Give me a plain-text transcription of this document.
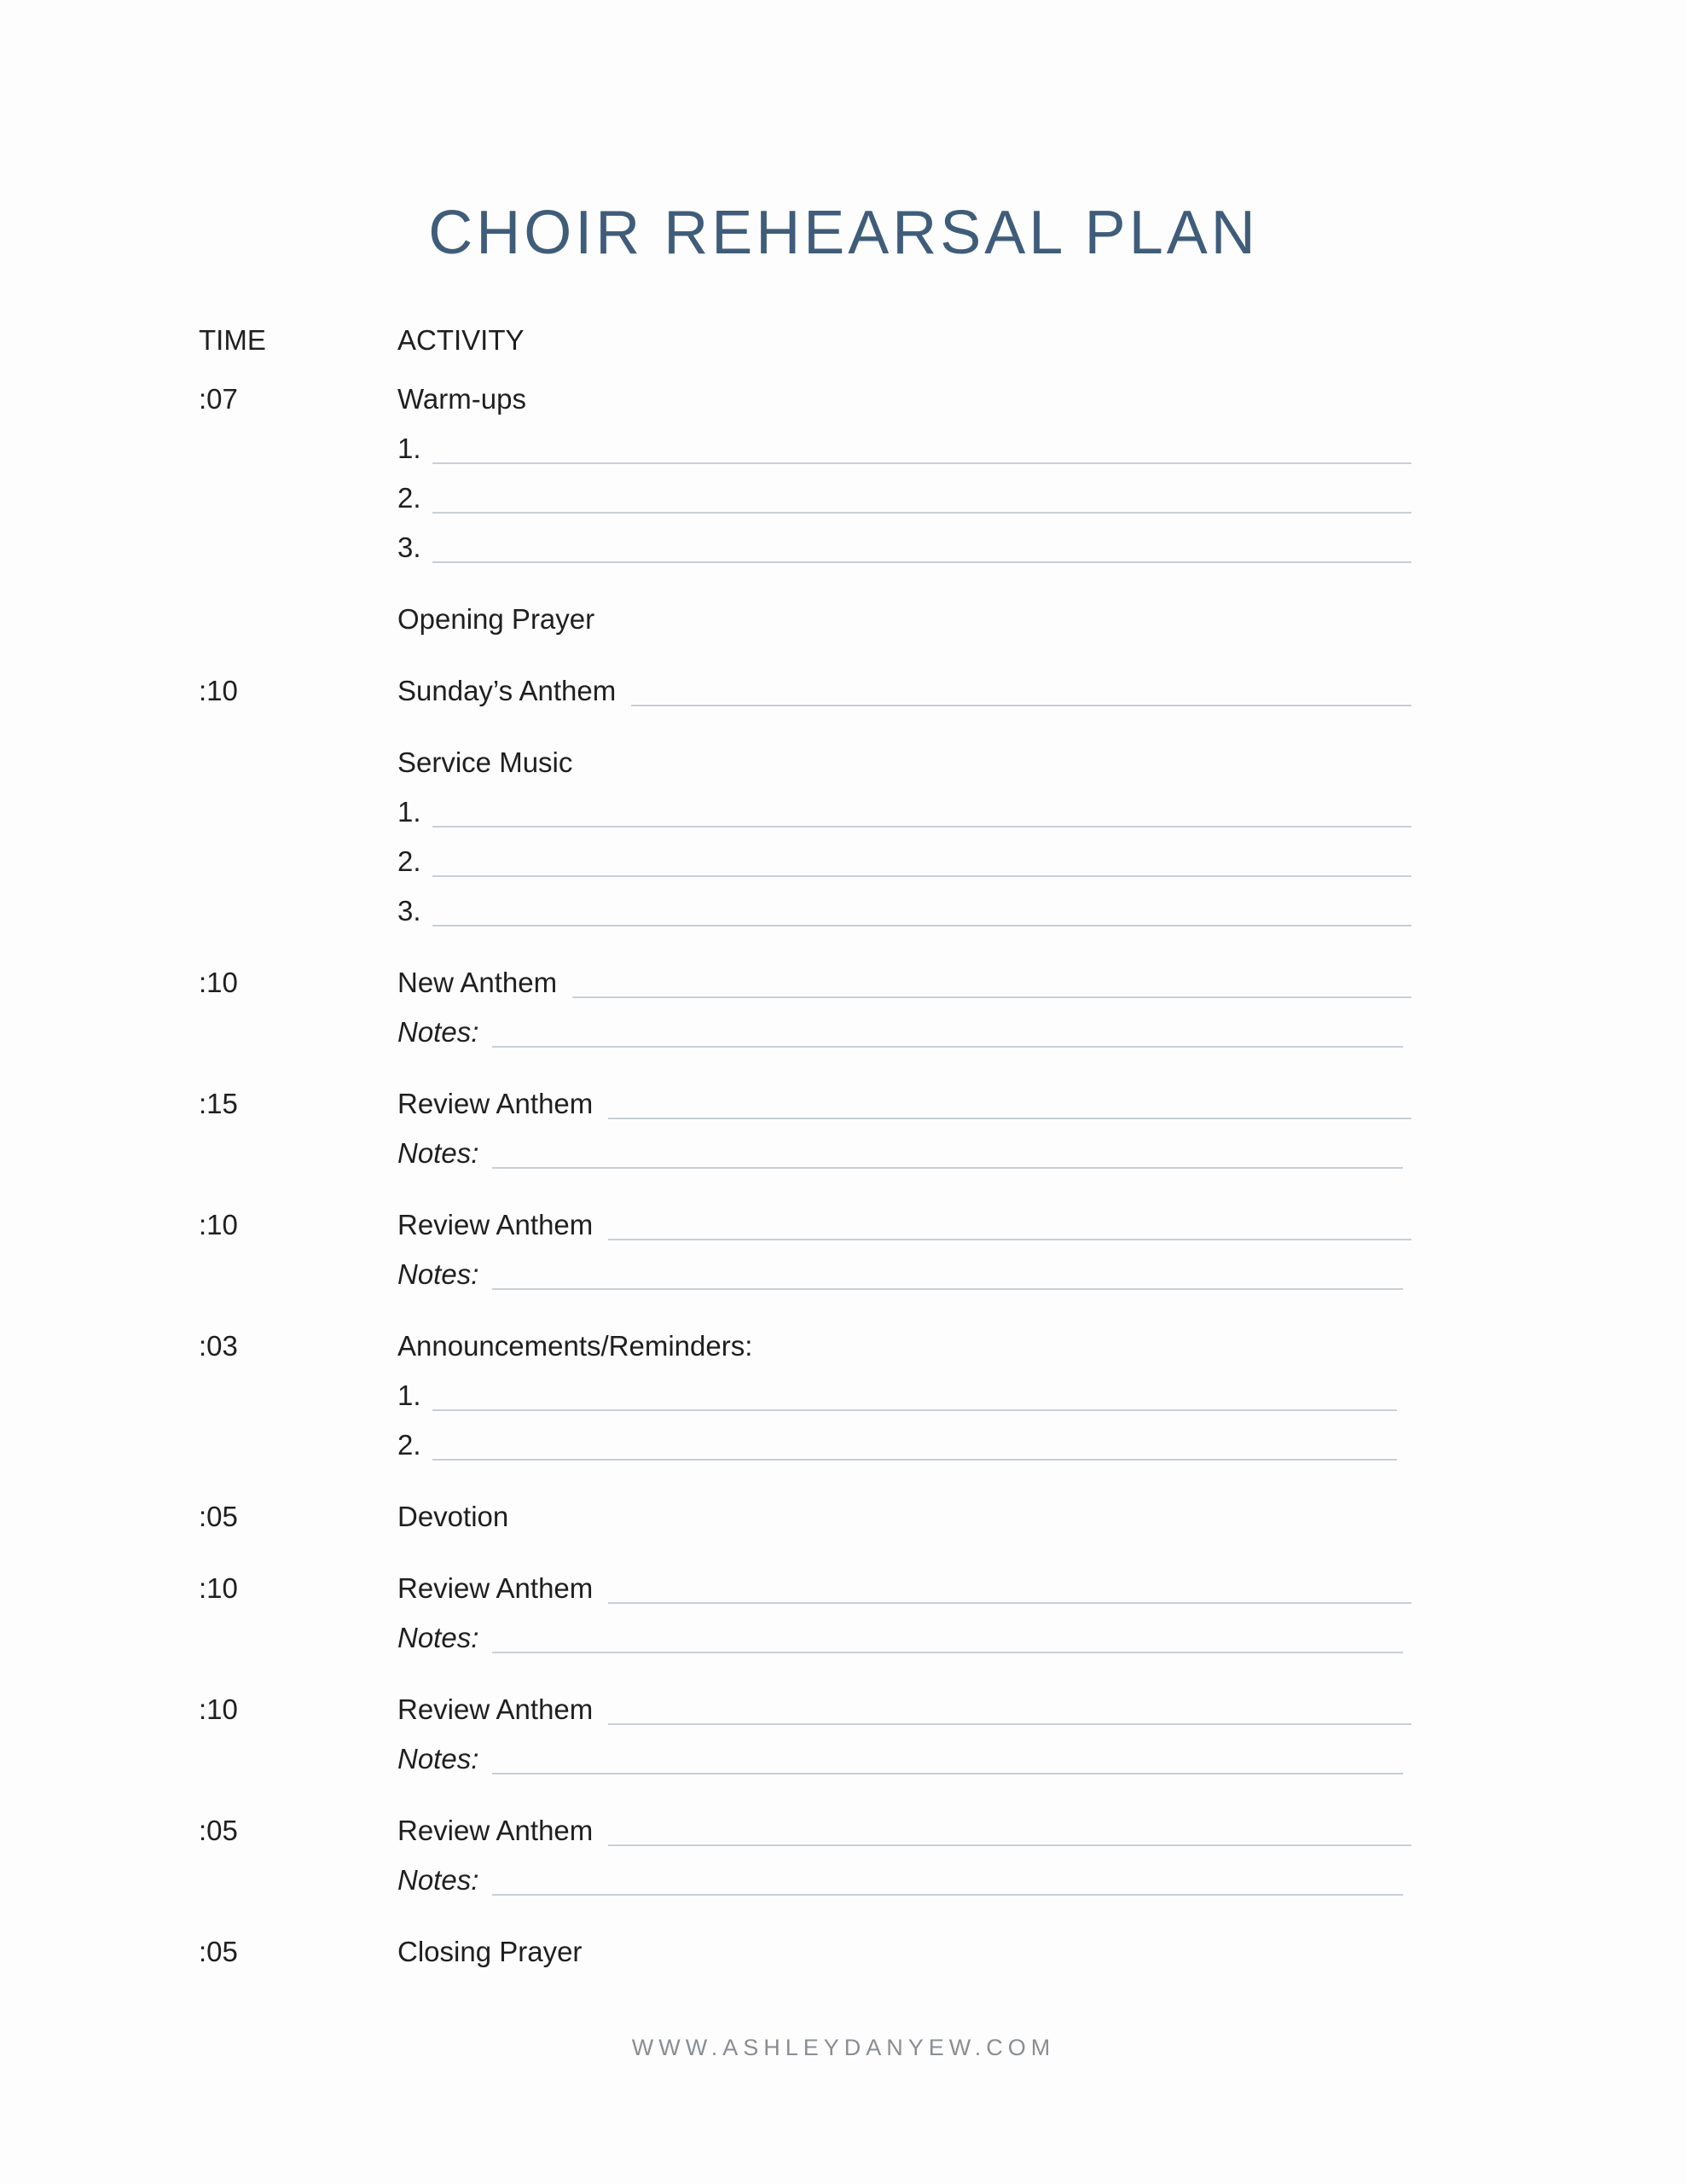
CHOIR REHEARSAL PLAN
TIME	ACTIVITY
:07	Warm-ups
1.
2.
3.
Opening Prayer
:10	Sunday’s Anthem
Service Music
1.
2.
3.
:10	New Anthem
Notes:
:15	Review Anthem
Notes:
:10	Review Anthem
Notes:
:03	Announcements/Reminders:
1.
2.
:05	Devotion
:10	Review Anthem
Notes:
:10	Review Anthem
Notes:
:05	Review Anthem
Notes:
:05	Closing Prayer
WWW.ASHLEYDANYEW.COM
